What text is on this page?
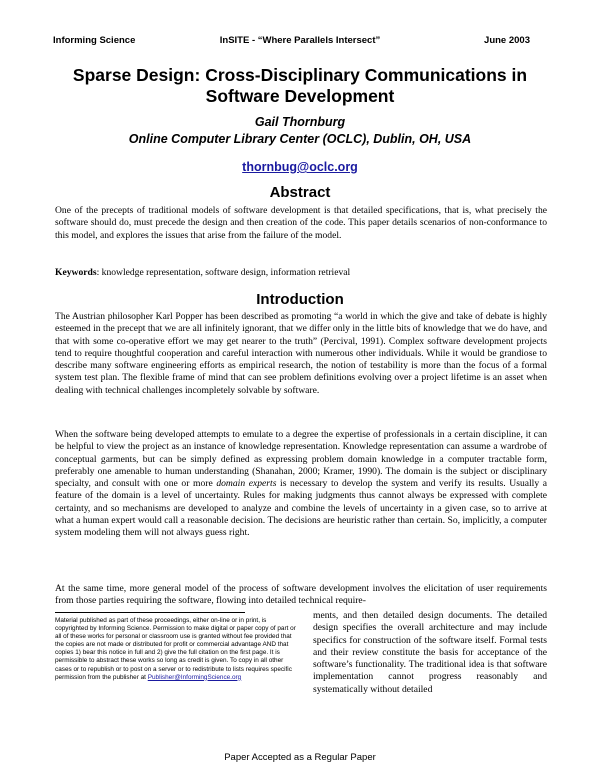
Informing Science	InSITE - “Where Parallels Intersect”	June 2003
Sparse Design: Cross-Disciplinary Communications in Software Development
Gail Thornburg
Online Computer Library Center (OCLC), Dublin, OH, USA
thornbug@oclc.org
Abstract
One of the precepts of traditional models of software development is that detailed specifications, that is, what precisely the software should do, must precede the design and then creation of the code. This paper details scenarios of non-conformance to this model, and explores the issues that arise from the failure of the model.
Keywords: knowledge representation, software design, information retrieval
Introduction
The Austrian philosopher Karl Popper has been described as promoting “a world in which the give and take of debate is highly esteemed in the precept that we are all infinitely ignorant, that we differ only in the little bits of knowledge that we do have, and that with some co-operative effort we may get nearer to the truth” (Percival, 1991). Complex software development projects tend to require thoughtful cooperation and careful interaction with numerous other individuals. While it would be grandiose to describe many software engineering efforts as empirical research, the notion of testability is more than the focus of a formal system test plan. The flexible frame of mind that can see problem definitions evolving over a project lifetime is an asset when dealing with technical challenges incompletely solvable by software.
When the software being developed attempts to emulate to a degree the expertise of professionals in a certain discipline, it can be helpful to view the project as an instance of knowledge representation. Knowledge representation can assume a wardrobe of conceptual garments, but can be simply defined as expressing problem domain knowledge in a computer tractable form, preferably one amenable to human understanding (Shanahan, 2000; Kramer, 1990). The domain is the subject or disciplinary specialty, and consult with one or more domain experts is necessary to develop the system and verify its results. Usually a feature of the domain is a level of uncertainty. Rules for making judgments thus cannot always be expressed with complete certainty, and so mechanisms are developed to analyze and combine the levels of uncertainty in a given case, so to arrive at what a human expert would call a reasonable decision. The decisions are heuristic rather than certain. So, implicitly, a computer system modeling them will not always guess right.
At the same time, more general model of the process of software development involves the elicitation of user requirements from those parties requiring the software, flowing into detailed technical require-
ments, and then detailed design documents. The detailed design specifies the overall architecture and may include specifics for construction of the software itself. Formal tests and their review constitute the basis for acceptance of the software’s functionality. The traditional idea is that software implementation cannot progress reasonably and systematically without detailed
Material published as part of these proceedings, either on-line or in print, is copyrighted by Informing Science. Permission to make digital or paper copy of part or all of these works for personal or classroom use is granted without fee provided that the copies are not made or distributed for profit or commercial advantage AND that copies 1) bear this notice in full and 2) give the full citation on the first page. It is permissible to abstract these works so long as credit is given. To copy in all other cases or to republish or to post on a server or to redistribute to lists requires specific permission from the publisher at Publisher@InformingScience.org
Paper Accepted as a Regular Paper
